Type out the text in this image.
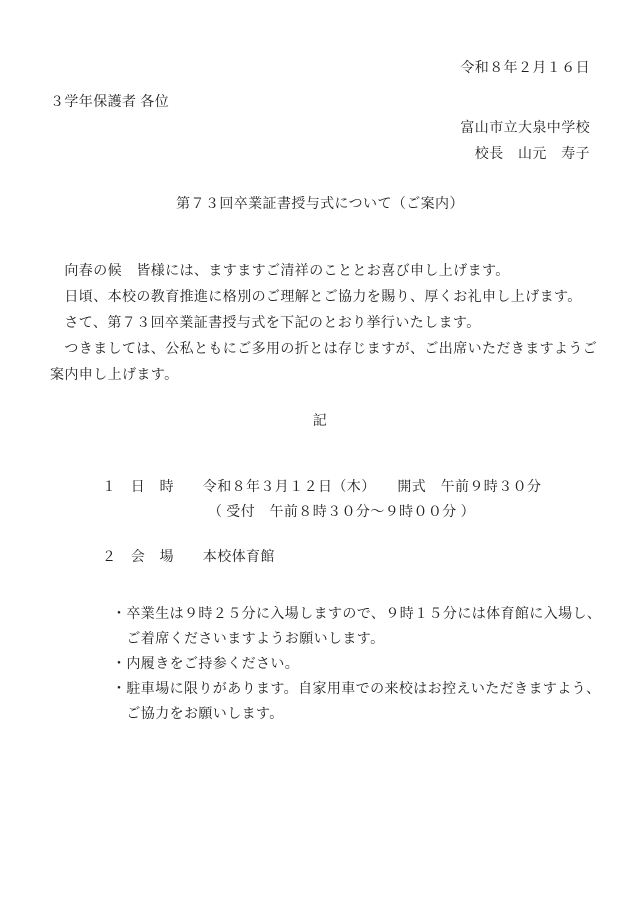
令和８年２月１６日
３学年保護者 各位
富山市立大泉中学校
校長　山元　寿子
第７３回卒業証書授与式について（ご案内）
　向春の候　皆様には、ますますご清祥のこととお喜び申し上げます。
　日頃、本校の教育推進に格別のご理解とご協力を賜り、厚くお礼申し上げます。
　さて、第７３回卒業証書授与式を下記のとおり挙行いたします。
　つきましては、公私ともにご多用の折とは存じますが、ご出席いただきますようご
案内申し上げます。
記
１　日　時　　令和８年３月１２日（木）　　開式　午前９時３０分
（ 受付　午前８時３０分～９時００分 ）
２　会　場　　本校体育館
・卒業生は９時２５分に入場しますので、９時１５分には体育館に入場し、
　ご着席くださいますようお願いします。
・内履きをご持参ください。
・駐車場に限りがあります。自家用車での来校はお控えいただきますよう、
　ご協力をお願いします。
